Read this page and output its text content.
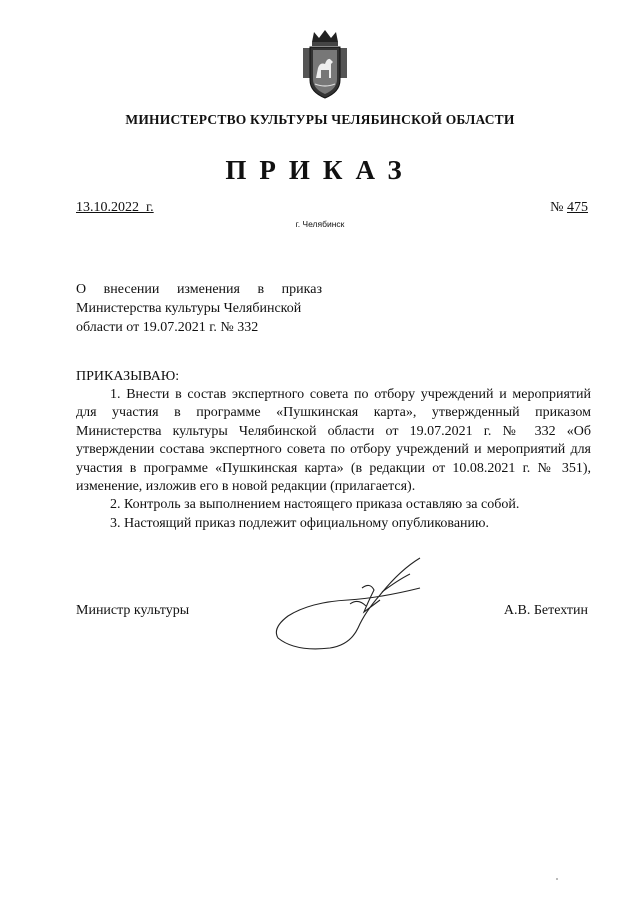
МИНИСТЕРСТВО КУЛЬТУРЫ ЧЕЛЯБИНСКОЙ ОБЛАСТИ
ПРИКАЗ
13.10.2022  г.	№ 475
г. Челябинск
О внесении изменения в приказ
Министерства культуры Челябинской
области от 19.07.2021 г. № 332
ПРИКАЗЫВАЮ:

1. Внести в состав экспертного совета по отбору учреждений и мероприятий для участия в программе «Пушкинская карта», утвержденный приказом Министерства культуры Челябинской области от 19.07.2021 г. № 332 «Об утверждении состава экспертного совета по отбору учреждений и мероприятий для участия в программе «Пушкинская карта» (в редакции от 10.08.2021 г. № 351), изменение, изложив его в новой редакции (прилагается).

2. Контроль за выполнением настоящего приказа оставляю за собой.

3. Настоящий приказ подлежит официальному опубликованию.

Министр культуры	А.В. Бетехтин
